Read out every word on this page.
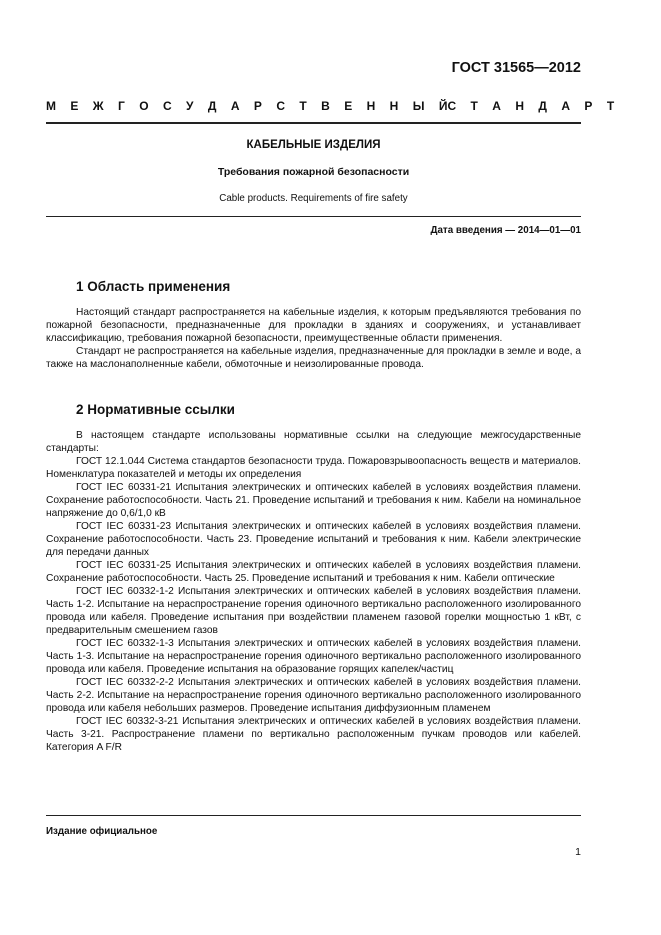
ГОСТ 31565—2012
М Е Ж Г О С У Д А Р С Т В Е Н Н Ы Й С Т А Н Д А Р Т
КАБЕЛЬНЫЕ ИЗДЕЛИЯ
Требования пожарной безопасности
Cable products. Requirements of fire safety
Дата введения — 2014—01—01
1 Область применения

Настоящий стандарт распространяется на кабельные изделия, к которым предъявляются требования по пожарной безопасности, предназначенные для прокладки в зданиях и сооружениях, и устанавливает классификацию, требования пожарной безопасности, преимущественные области применения.

Стандарт не распространяется на кабельные изделия, предназначенные для прокладки в земле и воде, а также на маслонаполненные кабели, обмоточные и неизолированные провода.

2 Нормативные ссылки

В настоящем стандарте использованы нормативные ссылки на следующие межгосударственные стандарты:

ГОСТ 12.1.044 Система стандартов безопасности труда. Пожаровзрывоопасность веществ и материалов. Номенклатура показателей и методы их определения

ГОСТ IEC 60331-21 Испытания электрических и оптических кабелей в условиях воздействия пламени. Сохранение работоспособности. Часть 21. Проведение испытаний и требования к ним. Кабели на номинальное напряжение до 0,6/1,0 кВ

ГОСТ IEC 60331-23 Испытания электрических и оптических кабелей в условиях воздействия пламени. Сохранение работоспособности. Часть 23. Проведение испытаний и требования к ним. Кабели электрические для передачи данных

ГОСТ IEC 60331-25 Испытания электрических и оптических кабелей в условиях воздействия пламени. Сохранение работоспособности. Часть 25. Проведение испытаний и требования к ним. Кабели оптические

ГОСТ IEC 60332-1-2 Испытания электрических и оптических кабелей в условиях воздействия пламени. Часть 1-2. Испытание на нераспространение горения одиночного вертикально расположенного изолированного провода или кабеля. Проведение испытания при воздействии пламенем газовой горелки мощностью 1 кВт, с предварительным смешением газов

ГОСТ IEC 60332-1-3 Испытания электрических и оптических кабелей в условиях воздействия пламени. Часть 1-3. Испытание на нераспространение горения одиночного вертикально расположенного изолированного провода или кабеля. Проведение испытания на образование горящих капелек/частиц

ГОСТ IEC 60332-2-2 Испытания электрических и оптических кабелей в условиях воздействия пламени. Часть 2-2. Испытание на нераспространение горения одиночного вертикально расположенного изолированного провода или кабеля небольших размеров. Проведение испытания диффузионным пламенем

ГОСТ IEC 60332-3-21 Испытания электрических и оптических кабелей в условиях воздействия пламени. Часть 3-21. Распространение пламени по вертикально расположенным пучкам проводов или кабелей. Категория A F/R

Издание официальное
1
